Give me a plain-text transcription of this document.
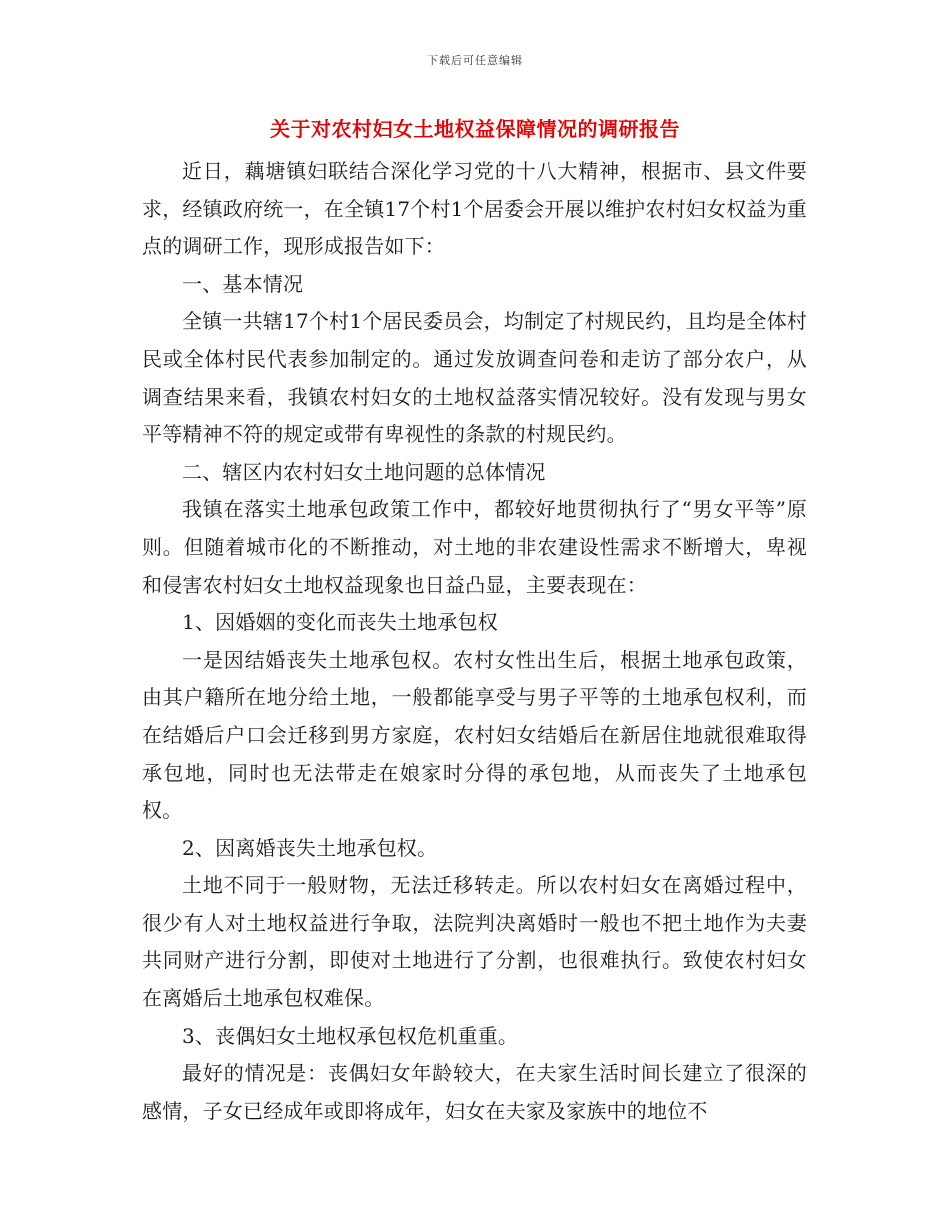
下载后可任意编辑
关于对农村妇女土地权益保障情况的调研报告

近日，藕塘镇妇联结合深化学习党的十八大精神，根据市、县文件要求，经镇政府统一，在全镇17个村1个居委会开展以维护农村妇女权益为重点的调研工作，现形成报告如下：

一、基本情况

全镇一共辖17个村1个居民委员会，均制定了村规民约，且均是全体村民或全体村民代表参加制定的。通过发放调查问卷和走访了部分农户，从调查结果来看，我镇农村妇女的土地权益落实情况较好。没有发现与男女平等精神不符的规定或带有卑视性的条款的村规民约。

二、辖区内农村妇女土地问题的总体情况

我镇在落实土地承包政策工作中，都较好地贯彻执行了“男女平等”原则。但随着城市化的不断推动，对土地的非农建设性需求不断增大，卑视和侵害农村妇女土地权益现象也日益凸显，主要表现在：

1、因婚姻的变化而丧失土地承包权

一是因结婚丧失土地承包权。农村女性出生后，根据土地承包政策，由其户籍所在地分给土地，一般都能享受与男子平等的土地承包权利，而在结婚后户口会迁移到男方家庭，农村妇女结婚后在新居住地就很难取得承包地，同时也无法带走在娘家时分得的承包地，从而丧失了土地承包权。

2、因离婚丧失土地承包权。

土地不同于一般财物，无法迁移转走。所以农村妇女在离婚过程中，很少有人对土地权益进行争取，法院判决离婚时一般也不把土地作为夫妻共同财产进行分割，即使对土地进行了分割，也很难执行。致使农村妇女在离婚后土地承包权难保。

3、丧偶妇女土地权承包权危机重重。

最好的情况是：丧偶妇女年龄较大，在夫家生活时间长建立了很深的感情，子女已经成年或即将成年，妇女在夫家及家族中的地位不
